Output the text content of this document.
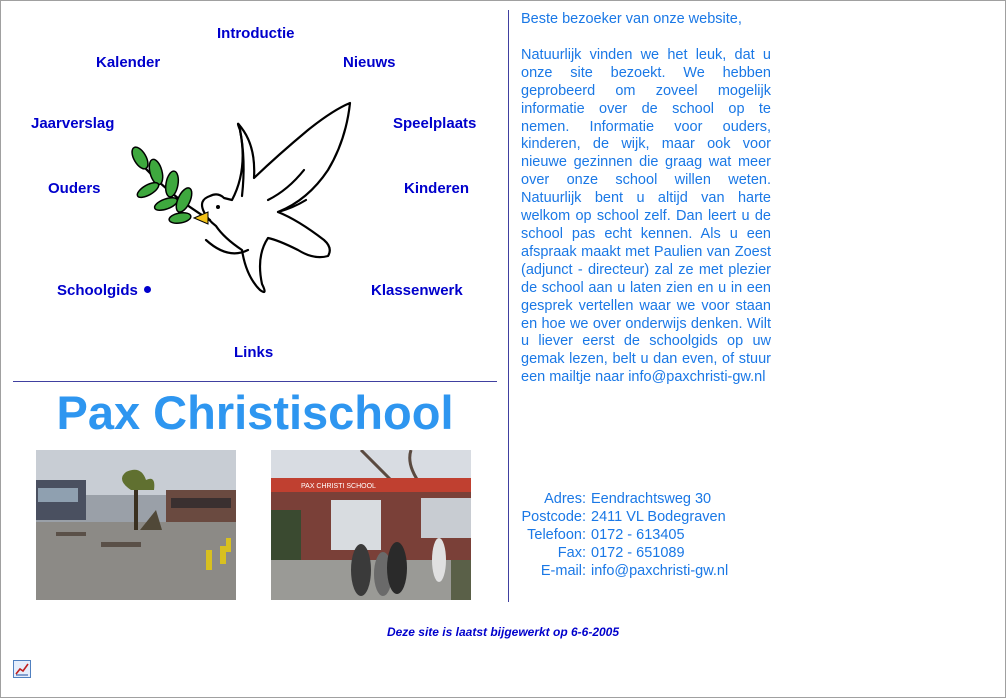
Introductie
Kalender	Nieuws
Jaarverslag	Speelplaats
Ouders	Kinderen
Schoolgids	Klassenwerk
Links
Pax Christischool
PAX CHRISTI SCHOOL

Beste bezoeker van onze website,

Natuurlijk vinden we het leuk, dat u onze site bezoekt. We hebben geprobeerd om zoveel mogelijk informatie over de school op te nemen. Informatie voor ouders, kinderen, de wijk, maar ook voor nieuwe gezinnen die graag wat meer over onze school willen weten. Natuurlijk bent u altijd van harte welkom op school zelf. Dan leert u de school pas echt kennen. Als u een afspraak maakt met Paulien van Zoest (adjunct - directeur) zal ze met plezier de school aan u laten zien en u in een gesprek vertellen waar we voor staan en hoe we over onderwijs denken. Wilt u liever eerst de schoolgids op uw gemak lezen, belt u dan even, of stuur een mailtje naar info@paxchristi-gw.nl

Adres: Eendrachtsweg 30
Postcode: 2411 VL Bodegraven
Telefoon: 0172 - 613405
Fax: 0172 - 651089
E-mail: info@paxchristi-gw.nl
Deze site is laatst bijgewerkt op 6-6-2005
